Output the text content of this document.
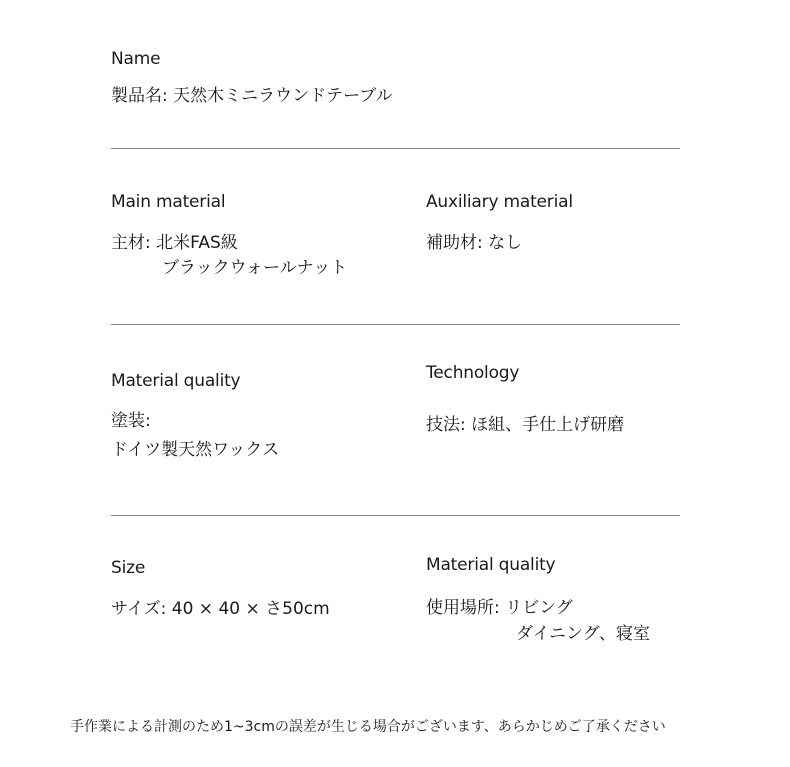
Name
製品名: 天然木ミニラウンドテーブル
Main material
主材: 北米FAS級
ブラックウォールナット
Auxiliary material
補助材: なし
Material quality
塗装:
ドイツ製天然ワックス
Technology
技法: ほ組、手仕上げ研磨
Size
サイズ: 40 × 40 × さ50cm
Material quality
使用場所: リビング
ダイニング、寝室
手作業による計測のため1~3cmの誤差が生じる場合がございます、あらかじめご了承ください
